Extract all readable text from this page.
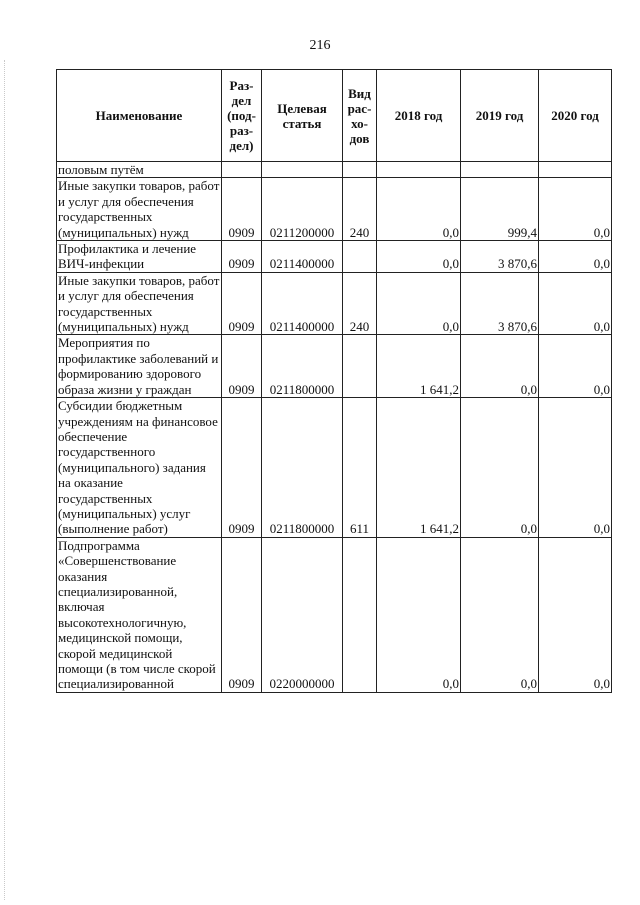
216
Наименование	Раз-
дел
(под-
раз-
дел)	Целевая
статья	Вид
рас-
хо-
дов	2018 год	2019 год	2020 год
половым путём						
Иные закупки товаров, работ и услуг для обеспечения государственных (муниципальных) нужд	0909	0211200000	240	0,0	999,4	0,0
Профилактика и лечение ВИЧ-инфекции	0909	0211400000		0,0	3 870,6	0,0
Иные закупки товаров, работ и услуг для обеспечения государственных (муниципальных) нужд	0909	0211400000	240	0,0	3 870,6	0,0
Мероприятия по профилактике заболеваний и формированию здорового образа жизни у граждан	0909	0211800000		1 641,2	0,0	0,0
Субсидии бюджетным учреждениям на финансовое обеспечение государственного (муниципального) задания на оказание государственных (муниципальных) услуг (выполнение работ)	0909	0211800000	611	1 641,2	0,0	0,0
Подпрограмма «Совершенствование оказания специализированной, включая высокотехнологичную, медицинской помощи, скорой медицинской помощи (в том числе скорой специализированной	0909	0220000000		0,0	0,0	0,0
